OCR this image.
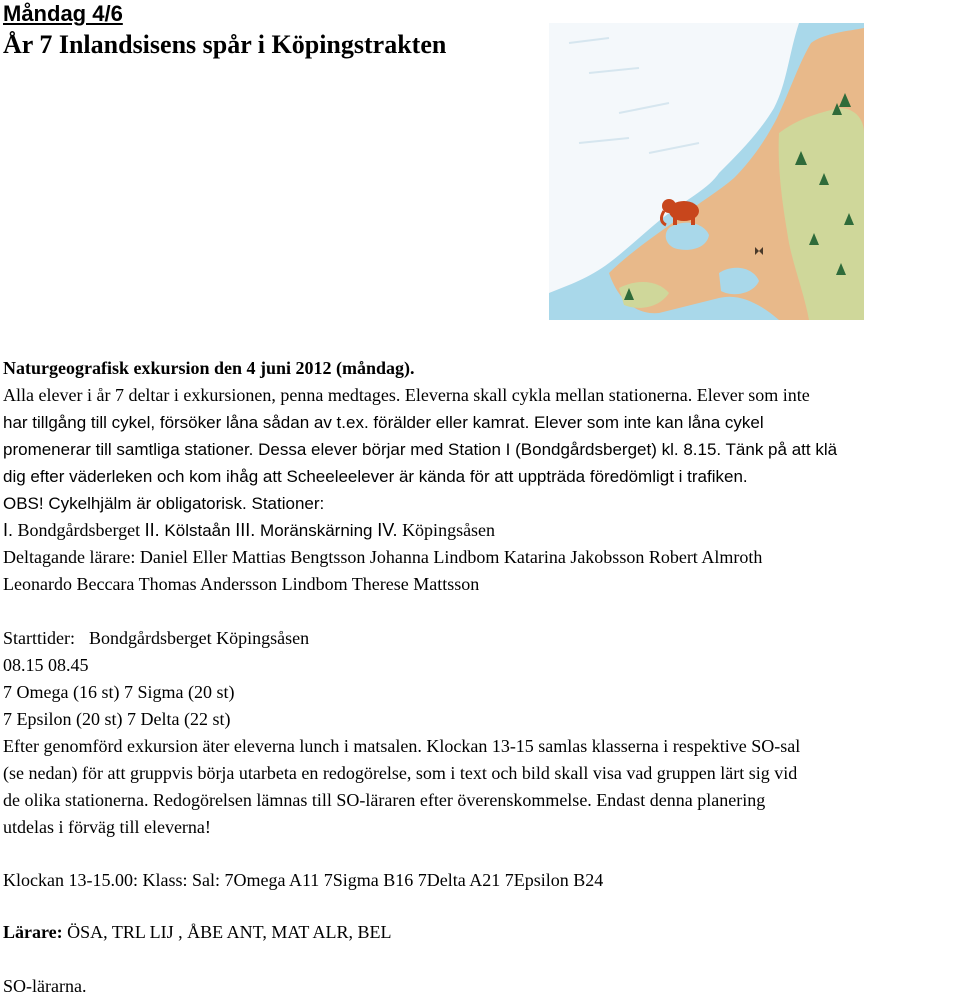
Måndag 4/6
År 7 Inlandsisens spår i Köpingstrakten
Naturgeografisk exkursion den 4 juni 2012 (måndag).
Alla elever i år 7 deltar i exkursionen, penna medtages. Eleverna skall cykla mellan stationerna. Elever som inte
har tillgång till cykel, försöker låna sådan av t.ex. förälder eller kamrat. Elever som inte kan låna cykel
promenerar till samtliga stationer. Dessa elever börjar med Station I (Bondgårdsberget) kl. 8.15. Tänk på att klä
dig efter väderleken och kom ihåg att Scheeleelever är kända för att uppträda föredömligt i trafiken.
OBS! Cykelhjälm är obligatorisk. Stationer:
I. Bondgårdsberget II. Kölstaån III. Moränskärning IV. Köpingsåsen
Deltagande lärare: Daniel Eller Mattias Bengtsson Johanna Lindbom Katarina Jakobsson Robert Almroth
Leonardo Beccara Thomas Andersson Lindbom Therese Mattsson
Starttider: Bondgårdsberget Köpingsåsen
08.15 08.45
7 Omega (16 st) 7 Sigma (20 st)
7 Epsilon (20 st) 7 Delta (22 st)
Efter genomförd exkursion äter eleverna lunch i matsalen. Klockan 13-15 samlas klasserna i respektive SO-sal
(se nedan) för att gruppvis börja utarbeta en redogörelse, som i text och bild skall visa vad gruppen lärt sig vid
de olika stationerna. Redogörelsen lämnas till SO-läraren efter överenskommelse. Endast denna planering
utdelas i förväg till eleverna!
Klockan 13-15.00: Klass: Sal: 7Omega A11 7Sigma B16 7Delta A21 7Epsilon B24
Lärare: ÖSA, TRL LIJ , ÅBE ANT, MAT ALR, BEL
SO-lärarna.
